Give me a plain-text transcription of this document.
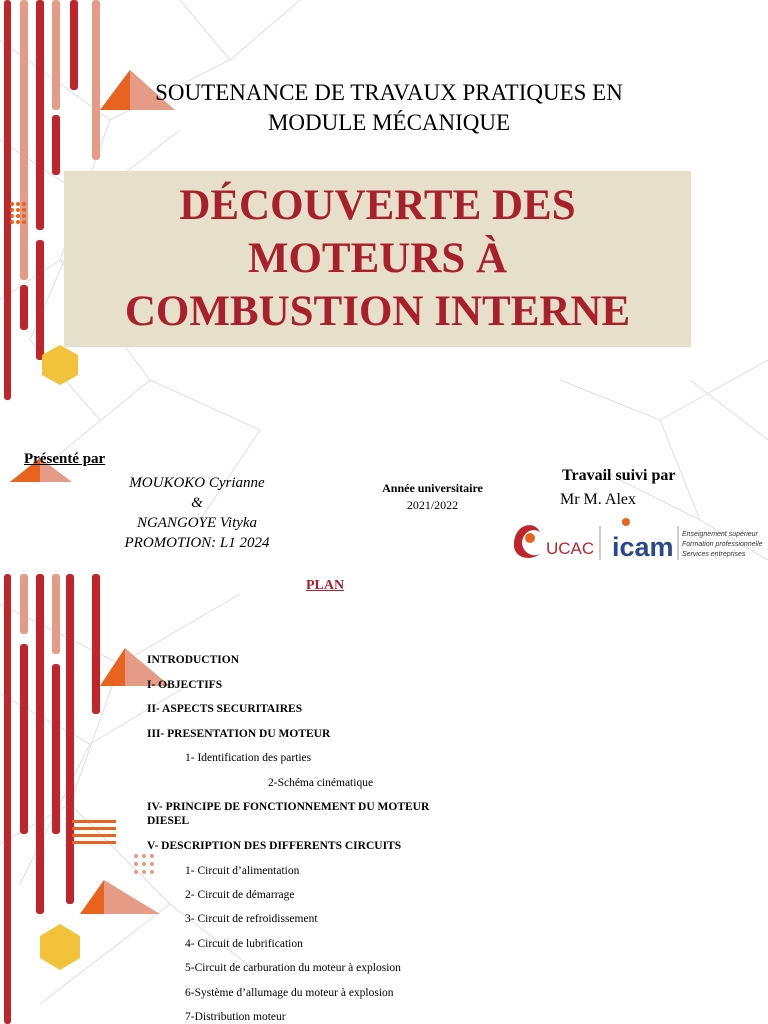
SOUTENANCE DE TRAVAUX PRATIQUES EN
MODULE MÉCANIQUE
DÉCOUVERTE DES
MOTEURS À
COMBUSTION INTERNE
Présenté par
MOUKOKO Cyrianne
&
NGANGOYE Vityka
PROMOTION: L1 2024
Année universitaire
2021/2022
Travail suivi par
Mr M. Alex
UCAC icam Enseignement supérieur
Formation professionnelle
Services entreprises
PLAN
INTRODUCTION
I- OBJECTIFS
II- ASPECTS SECURITAIRES
III- PRESENTATION DU MOTEUR
1- Identification des parties
2-Schéma cinématique
IV- PRINCIPE DE FONCTIONNEMENT DU MOTEUR
DIESEL
V- DESCRIPTION DES DIFFERENTS CIRCUITS
1- Circuit d’alimentation
2- Circuit de démarrage
3- Circuit de refroidissement
4- Circuit de lubrification
5-Circuit de carburation du moteur à explosion
6-Système d’allumage du moteur à explosion
7-Distribution moteur
